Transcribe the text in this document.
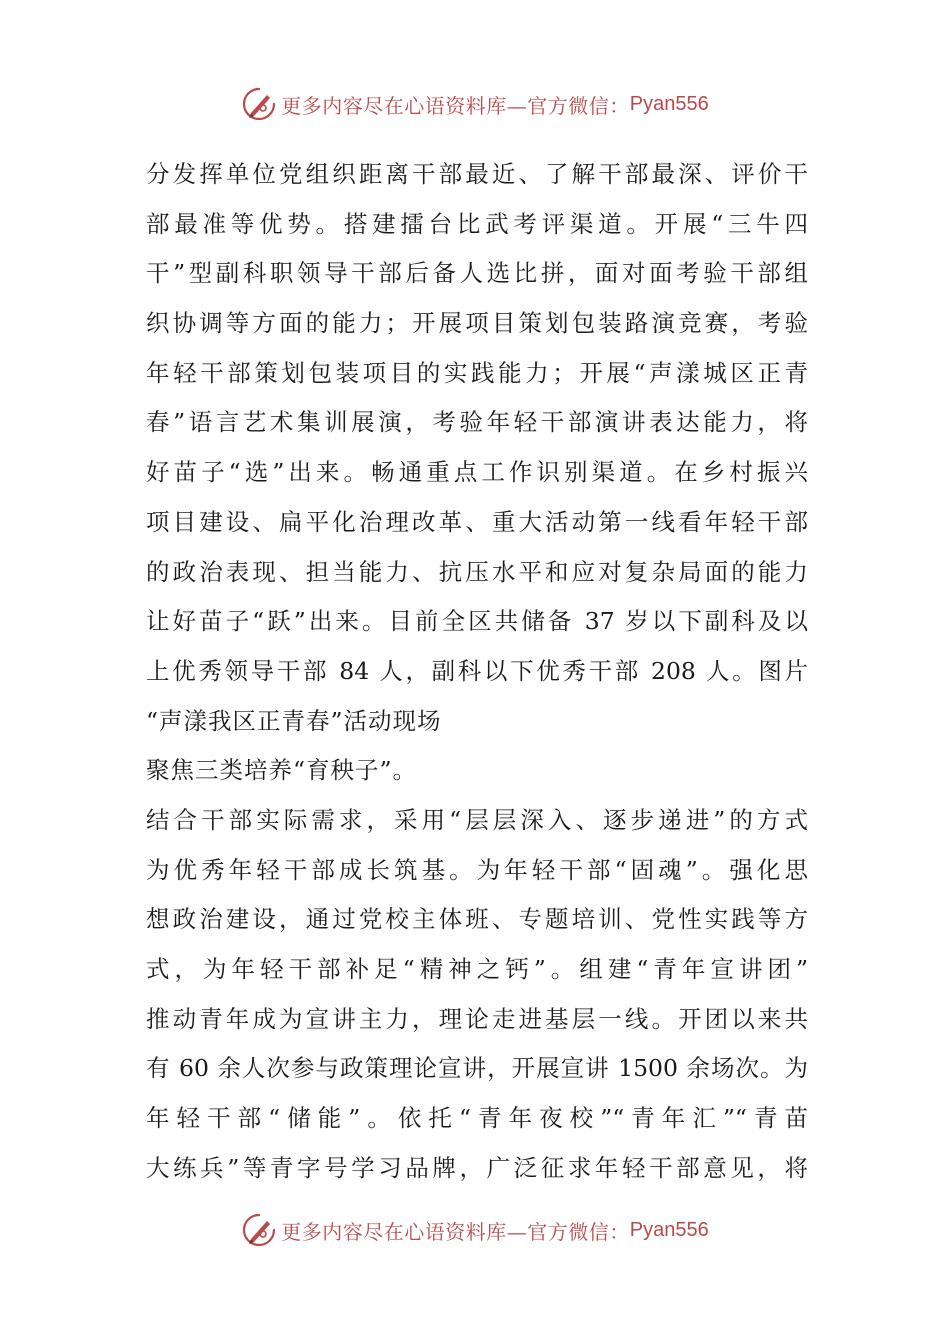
更多内容尽在心语资料库—官方微信： Pyan556
分发挥单位党组织距离干部最近、了解干部最深、评价干
部最准等优势。搭建擂台比武考评渠道。开展“三牛四
干”型副科职领导干部后备人选比拼，面对面考验干部组
织协调等方面的能力；开展项目策划包装路演竞赛，考验
年轻干部策划包装项目的实践能力；开展“声漾城区正青
春”语言艺术集训展演，考验年轻干部演讲表达能力，将
好苗子“选”出来。畅通重点工作识别渠道。在乡村振兴
项目建设、扁平化治理改革、重大活动第一线看年轻干部
的政治表现、担当能力、抗压水平和应对复杂局面的能力
让好苗子“跃”出来。目前全区共储备 37 岁以下副科及以
上优秀领导干部 84 人，副科以下优秀干部 208 人。图片
“声漾我区正青春”活动现场
聚焦三类培养“育秧子”。
结合干部实际需求，采用“层层深入、逐步递进”的方式
为优秀年轻干部成长筑基。为年轻干部“固魂”。强化思
想政治建设，通过党校主体班、专题培训、党性实践等方
式，为年轻干部补足“精神之钙”。组建“青年宣讲团”
推动青年成为宣讲主力，理论走进基层一线。开团以来共
有 60 余人次参与政策理论宣讲，开展宣讲 1500 余场次。为
年轻干部“储能”。依托“青年夜校”“青年汇”“青苗
大练兵”等青字号学习品牌，广泛征求年轻干部意见，将
更多内容尽在心语资料库—官方微信： Pyan556
